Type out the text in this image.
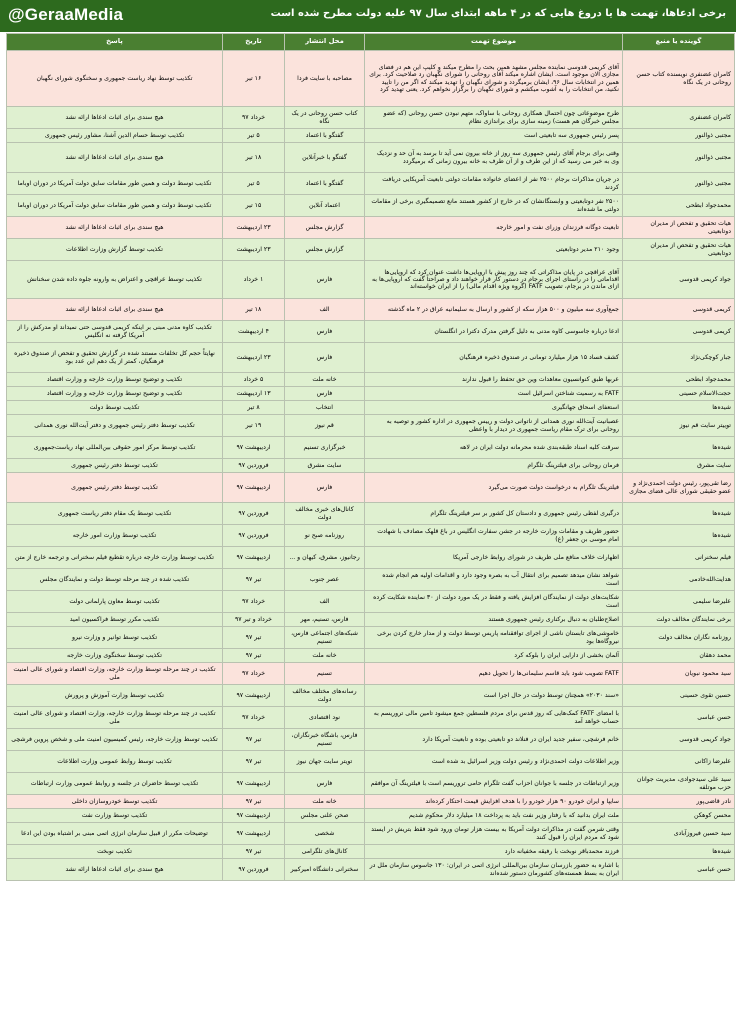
@GeraaMedia	برخی ادعاها، تهمت ها یا دروغ هایی که در ۴ ماهه ابتدای سال ۹۷ علیه دولت مطرح شده است
گوینده یا منبع	موضوع تهمت	محل انتشار	تاریخ	پاسخ
کامران غضنفری نویسنده کتاب حسن روحانی در یک نگاه	آقای کریمی قدوسی نماینده مجلس مشهد همین بحث را مطرح میکند و کلیپ این هم در فضای مجازی الان موجود است. ایشان اشاره میکند آقای روحانی را شورای نگهبان رد صلاحیت کرد. برای همین در انتخابات سال ۹۶، ایشان برمیگردد و شورای نگهبان را تهدید میکند که اگر من را تایید نکنید، من انتخابات را به آشوب میکشم و شورای نگهبان را برگزار نخواهم کرد. یعنی تهدید کرد	مصاحبه با سایت فردا	۱۶ تیر	تکذیب توسط نهاد ریاست جمهوری و سخنگوی شورای نگهبان
کامران غضنفری	طرح موضوعاتی چون احتمال همکاری روحانی با ساواک، متهم نبودن حسن روحانی (که عضو مجلس خبرگان هم هست) زمینه سازی برای براندازی نظام	کتاب حسن روحانی در یک نگاه	خرداد ۹۷	هیچ سندی برای اثبات ادعاها ارائه نشد
مجتبی ذوالنور	پسر رئیس جمهوری سه تابعیتی است	گفتگو با اعتماد	۵ تیر	تکذیب توسط حسام الدین آشنا، مشاور رئیس جمهوری
مجتبی ذوالنور	وقتی برای برجام آقای رئیس جمهوری سه روز از خانه بیرون نمی آید تا برسد به آن حد و نزدیک وی به خبر می رسید که از این طرف و از آن طرف به خانه بیرون زمانی که برمیگردد	گفتگو با خبرآنلاین	۱۸ تیر	هیچ سندی برای اثبات ادعاها ارائه نشد
مجتبی ذوالنور	در جریان مذاکرات برجام ۲۵۰۰ نفر از اعضای خانواده مقامات دولتی تابعیت آمریکایی دریافت کردند	گفتگو با اعتماد	۵ تیر	تکذیب توسط دولت و همین طور مقامات سابق دولت آمریکا در دوران اوباما
محمدجواد ابطحی	۲۵۰۰ نفر دوتابعیتی و وابستگانشان که در خارج از کشور هستند مانع تصمیمگیری برخی از مقامات دولتی ما شده‌اند	اعتماد آنلاین	۱۵ تیر	تکذیب توسط دولت و همین طور مقامات سابق دولت آمریکا در دوران اوباما
هیات تحقیق و تفحص از مدیران دوتابعیتی	تابعیت دوگانه فرزندان وزرای نفت و امور خارجه	گزارش مجلس	۲۳ اردیبهشت	هیچ سندی برای اثبات ادعاها ارائه نشد
هیات تحقیق و تفحص از مدیران دوتابعیتی	وجود ۲۱۰ مدیر دوتابعیتی	گزارش مجلس	۲۳ اردیبهشت	تکذیب توسط گزارش وزارت اطلاعات
جواد کریمی قدوسی	آقای عراقچی در پایان مذاکراتی که چند روز پیش با اروپایی‌ها داشت عنوان کرد که اروپایی‌ها اقداماتی را در راستای اجرای برجام در دستور کار قرار خواهند داد و صراحتاً گفت که اروپایی‌ها به ازای ماندن در برجام، تصویب FATF (گروه ویژه اقدام مالی) را از ایران خواسته‌اند	فارس	۱ خرداد	تکذیب توسط عراقچی و اعتراض به وارونه جلوه داده شدن سخنانش
کریمی قدوسی	جمع‌آوری سه میلیون و ۵۰۰ هزار سکه از کشور و ارسال به سلیمانیه عراق در ۲ ماه گذشته	الف	۱۸ تیر	هیچ سندی برای اثبات ادعاها ارائه نشد
کریمی قدوسی	ادعا درباره جاسوسی کاوه مدنی به دلیل گرفتن مدرک دکترا در انگلستان	فارس	۴ اردیبهشت	تکذیب کاوه مدنی مبنی بر اینکه کریمی قدوسی حتی نمیداند او مدرکش را از آمریکا گرفته نه انگلیس
جبار کوچکی‌نژاد	کشف فساد ۱۵ هزار میلیارد تومانی در صندوق ذخیره فرهنگیان	فارس	۲۳ اردیبهشت	نهایتاً حجم کل تخلفات مستند شده در گزارش تحقیق و تفحص از صندوق ذخیره فرهنگیان، کمتر از یک دهم این عدد بود
محمدجواد ابطحی	عربها طبق کنوانسیون معاهدات وین حق تحفظ را قبول ندارند	خانه ملت	۵ خرداد	تکذیب و توضیح توسط وزارت خارجه و وزارت اقتصاد
حجت‌الاسلام حسینی	FATF به رسمیت شناختن اسرائیل است	فارس	۱۳ اردیبهشت	تکذیب و توضیح توسط وزارت خارجه و وزارت اقتصاد
شیده‌ها	استعفای اسحاق جهانگیری	انتخاب	۸ تیر	تکذیب توسط دولت
توییتر سایت قم نیوز	عصبانیت آیت‌الله نوری همدانی از ناتوانی دولت و رییس جمهوری در اداره کشور و توصیه به روحانی برای ترک مقام ریاست جمهوری در دیدار با واعظی	قم نیوز	۱۹ تیر	تکذیب توسط دفتر رئیس جمهوری و دفتر آیت‌الله نوری همدانی
شیده‌ها	سرقت کلیه اسناد طبقه‌بندی شده محرمانه دولت ایران در لاهه	خبرگزاری تسنیم	اردیبهشت ۹۷	تکذیب توسط مرکز امور حقوقی بین‌المللی نهاد ریاست‌جمهوری
سایت مشرق	فرمان روحانی برای فیلترینگ تلگرام	سایت مشرق	فروردین ۹۷	تکذیب توسط دفتر رئیس جمهوری
رضا تقی‌پور، رئیس دولت احمدی‌نژاد و عضو حقیقی شورای عالی فضای مجازی	فیلترینگ تلگرام به درخواست دولت صورت می‌گیرد	فارس	اردیبهشت ۹۷	تکذیب توسط دفتر رئیس جمهوری
شیده‌ها	درگیری لفظی رئیس جمهوری و دادستان کل کشور بر سر فیلترینگ تلگرام	کانال‌های خبری مخالف دولت	فروردین ۹۷	تکذیب توسط یک مقام دفتر ریاست جمهوری
شیده‌ها	حضور ظریف و مقامات وزارت خارجه در جشن سفارت انگلیس در باغ قلهک مصادف با شهادت امام موسی بن جعفر (ع)	روزنامه صبح نو	فروردین ۹۷	تکذیب توسط وزارت امور خارجه
فیلم سخنرانی	اظهارات خلاف منافع ملی ظریف در شورای روابط خارجی آمریکا	رجانیوز، مشرق، کیهان و ...	اردیبهشت ۹۷	تکذیب توسط وزارت خارجه درباره تقطیع فیلم سخنرانی و ترجمه خارج از متن
هدایت‌الله‌خادمی	شواهد نشان میدهد تصمیم برای انتقال آب به بصره وجود دارد و اقدامات اولیه هم انجام شده است	عصر جنوب	تیر ۹۷	تکذیب شده در چند مرحله توسط دولت و نمایندگان مجلس
علیرضا سلیمی	شکایت‌های دولت از نمایندگان افزایش یافته و فقط در یک مورد دولت از ۳۰ نماینده شکایت کرده است	الف	خرداد ۹۷	تکذیب توسط معاون پارلمانی دولت
برخی نمایندگان مخالف دولت	اصلاح‌طلبان به دنبال برکناری رئیس جمهوری هستند	فارس، تسنیم، مهر	خرداد و تیر ۹۷	تکذیب مکرر توسط فراکسیون امید
روزنامه نگاران مخالف دولت	خاموشی‌های تابستان ناشی از اجرای توافقنامه پاریس توسط دولت و از مدار خارج کردن برخی نیروگاه‌ها بود	شبکه‌های اجتماعی فارس، تسنیم	تیر ۹۷	تکذیب توسط توانیر و وزارت نیرو
محمد دهقان	آلمان بخشی از دارایی ایران را بلوکه کرد	خانه ملت	تیر ۹۷	تکذیب توسط سخنگوی وزارت خارجه
سید محمود نبویان	FATF تصویب شود باید قاسم سلیمانی‌ها را تحویل دهیم	تسنیم	خرداد ۹۷	تکذیب در چند مرحله توسط وزارت خارجه، وزارت اقتصاد و شورای عالی امنیت ملی
حسین تقوی حسینی	«سند ۲۰۳۰» همچنان توسط دولت در حال اجرا است	رسانه‌های مختلف مخالف دولت	اردیبهشت ۹۷	تکذیب توسط وزارت آموزش و پرورش
حسن عباسی	با امضای FATF کمک‌هایی که روز قدس برای مردم فلسطین جمع میشود تامین مالی تروریسم به حساب خواهد آمد	نود اقتصادی	خرداد ۹۷	تکذیب در چند مرحله توسط وزارت خارجه، وزارت اقتصاد و شورای عالی امنیت ملی
جواد کریمی قدوسی	خانم فرشچی، سفیر جدید ایران در فنلاند دو تابعیتی بوده و تابعیت آمریکا دارد	فارس، باشگاه خبرنگاران، تسنیم	تیر ۹۷	تکذیب توسط وزارت خارجه، رئیس کمیسیون امنیت ملی و شخص پروین فرشچی
علیرضا زاکانی	وزیر اطلاعات دولت احمدی‌نژاد و رئیس دولت وزیر اسرائیل بد شده است	تویتر سایت جهان نیوز	تیر ۹۷	تکذیب توسط روابط عمومی وزارت اطلاعات
سید علی سیدجوادی، مدیریت جوانان حزب موتلفه	وزیر ارتباطات در جلسه با جوانان احزاب گفت تلگرام حامی تروریسم است با فیلترینگ آن موافقم	فارس	اردیبهشت ۹۷	تکذیب توسط حاضران در جلسه و روابط عمومی وزارت ارتباطات
نادر قاضی‌پور	سایپا و ایران خودرو ۹۰ هزار خودرو را با هدف افزایش قیمت احتکار کرده‌اند	خانه ملت	تیر ۹۷	تکذیب توسط خودروسازان داخلی
محسن کوهکن	ملت ایران بدانید که با رفتار وزیر نفت باید به پرداخت ۱۸ میلیارد دلار محکوم شدیم	صحن علنی مجلس	اردیبهشت ۹۷	تکذیب توسط وزارت نفت
سید حسین فیروزآبادی	وقتی شرمن گفت در مذاکرات دولت آمریکا به بیست هزار تومان ورود شود فقط بتریش در ایستد شود که مردم ایران را قبول کنند	شخصی	اردیبهشت ۹۷	توضیحات مکرر از قبیل سازمان انرژی اتمی مبنی بر اشتباه بودن این ادعا
شیده‌ها	فرزند محمدباقر نوبخت با رفیقه مخفیانه دارد	کانال‌های تلگرامی	تیر ۹۷	تکذیب نوبخت
حسن عباسی	با اشاره به حضور بازرسان سازمان بین‌المللی انرژی اتمی در ایران: ۱۳۰ جاسوس سازمان ملل در ایران به بسط همسته‌های کشورمان دستور شده‌اند	سخنرانی دانشگاه امیرکبیر	فروردین ۹۷	هیچ سندی برای اثبات ادعاها ارائه نشد
